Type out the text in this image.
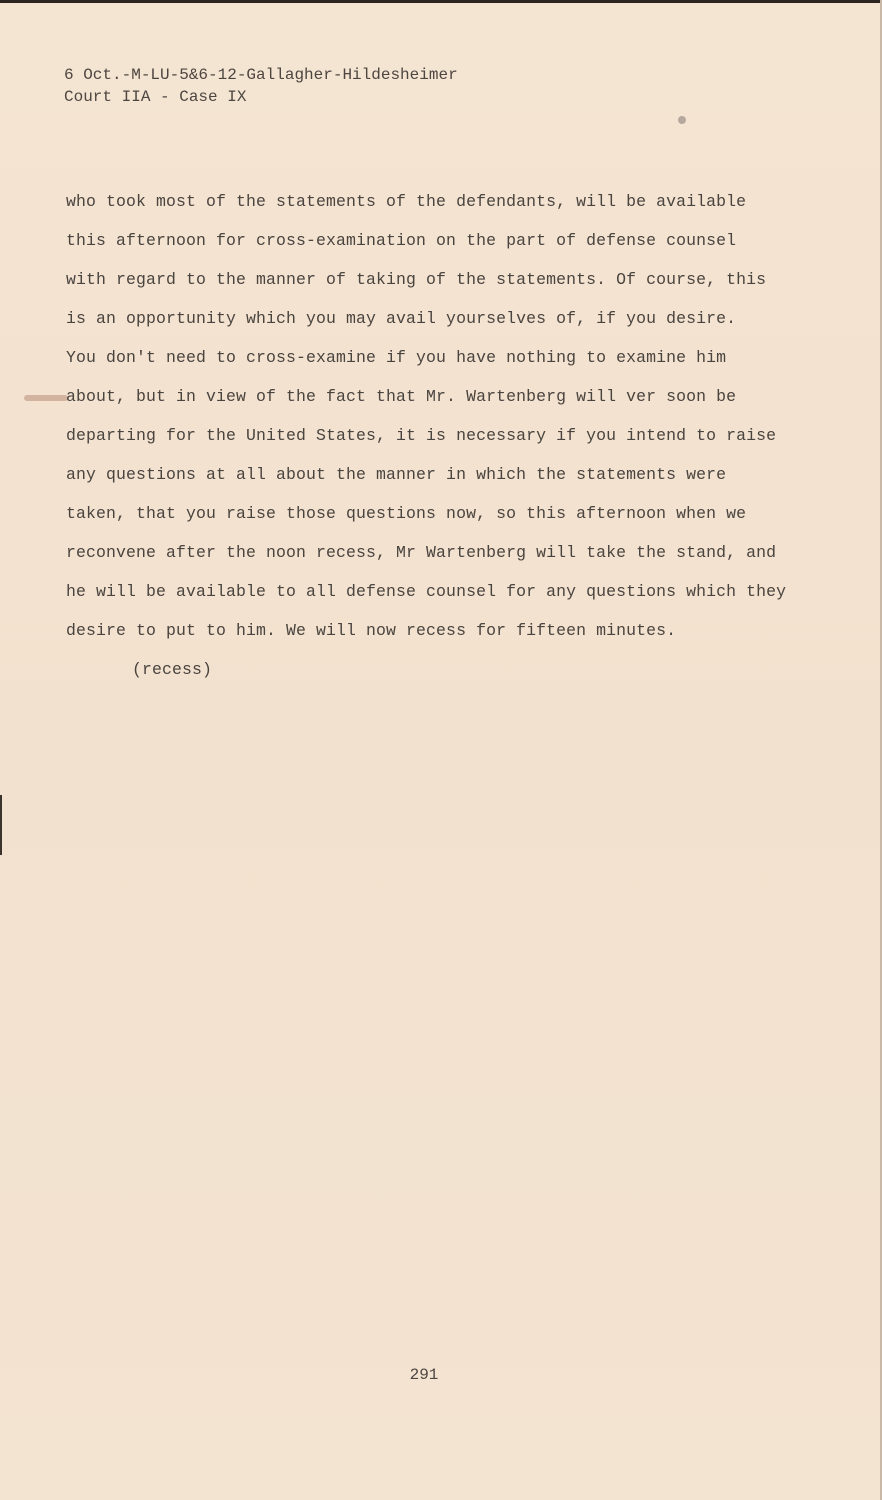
6 Oct.-M-LU-5&6-12-Gallagher-Hildesheimer
Court IIA - Case IX
who took most of the statements of the defendants, will be available
this afternoon for cross-examination on the part of defense counsel
with regard to the manner of taking of the statements. Of course, this
is an opportunity which you may avail yourselves of, if you desire.
You don't need to cross-examine if you have nothing to examine him
about, but in view of the fact that Mr. Wartenberg will ver soon be
departing for the United States, it is necessary if you intend to raise
any questions at all about the manner in which the statements were
taken, that you raise those questions now, so this afternoon when we
reconvene after the noon recess, Mr Wartenberg will take the stand, and
he will be available to all defense counsel for any questions which they
desire to put to him. We will now recess for fifteen minutes.
(recess)
291
